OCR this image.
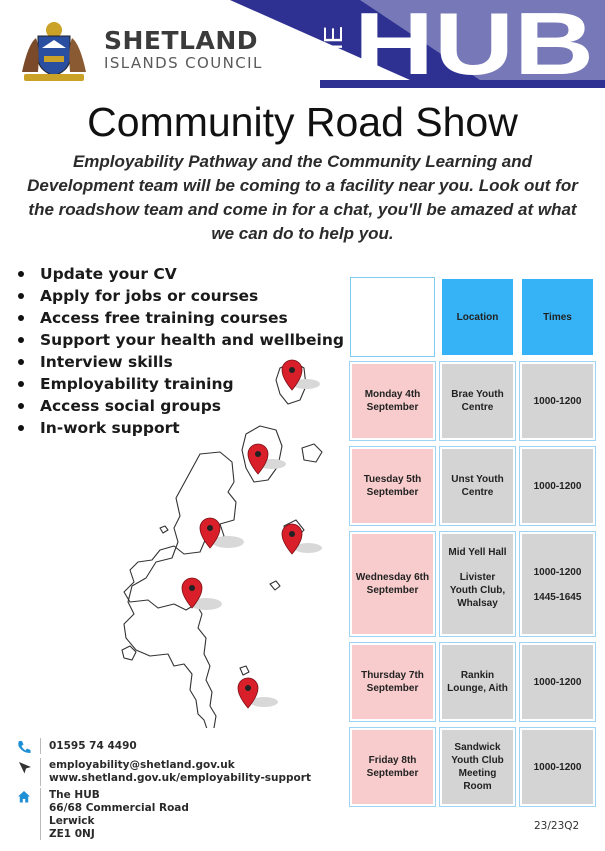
SHETLAND
ISLANDS COUNCIL THE HUB
Community Road Show
Employability Pathway and the Community Learning and Development team will be coming to a facility near you. Look out for the roadshow team and come in for a chat, you'll be amazed at what we can do to help you.
Update your CV
Apply for jobs or courses
Access free training courses
Support your health and wellbeing
Interview skills
Employability training
Access social groups
In-work support
Location	Times
Monday 4th September
Brae Youth Centre
1000-1200
Tuesday 5th September
Unst Youth Centre
1000-1200
Wednesday 6th September
Mid Yell Hall
Livister Youth Club, Whalsay
1000-1200
1445-1645
Thursday 7th September
Rankin Lounge, Aith
1000-1200
Friday 8th September
Sandwick Youth Club Meeting Room
1000-1200
01595 74 4490
employability@shetland.gov.uk
www.shetland.gov.uk/employability-support
The HUB
66/68 Commercial Road
Lerwick
ZE1 0NJ
23/23Q2
